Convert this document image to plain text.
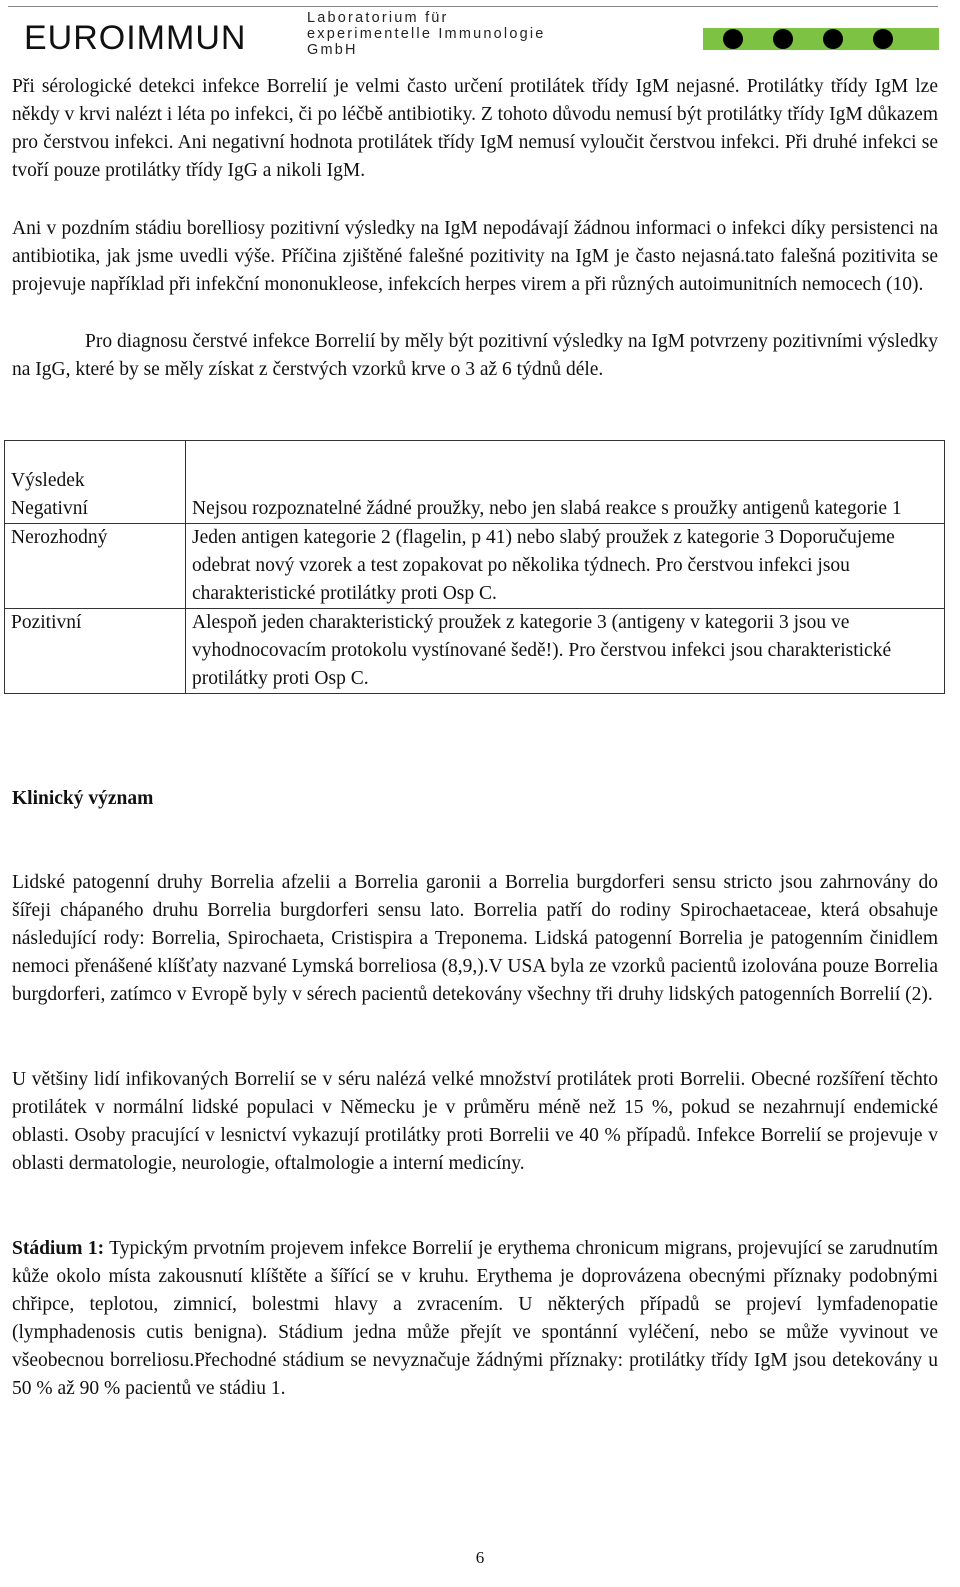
EUROIMMUN
Laboratorium für
experimentelle Immunologie
GmbH

Při sérologické detekci infekce Borrelií je velmi často určení protilátek třídy IgM nejasné. Protilátky třídy IgM lze někdy v krvi nalézt i léta po infekci, či po léčbě antibiotiky. Z tohoto důvodu nemusí být protilátky třídy IgM důkazem pro čerstvou infekci. Ani negativní hodnota protilátek třídy IgM nemusí vyloučit čerstvou infekci. Při druhé infekci se tvoří pouze protilátky třídy IgG a nikoli IgM.

Ani v pozdním stádiu borelliosy pozitivní výsledky na IgM nepodávají žádnou informaci o infekci díky persistenci na antibiotika, jak jsme uvedli výše. Příčina zjištěné falešné pozitivity na IgM je často nejasná.tato falešná pozitivita se projevuje například při infekční mononukleose, infekcích herpes virem a při různých autoimunitních nemocech (10).

Pro diagnosu čerstvé infekce Borrelií by měly být pozitivní výsledky na IgM potvrzeny pozitivními výsledky na IgG, které by se měly získat z čerstvých vzorků krve o 3 až 6 týdnů déle.

Výsledek	
Negativní	Nejsou rozpoznatelné žádné proužky, nebo jen slabá reakce s proužky antigenů kategorie 1
Nerozhodný	Jeden antigen kategorie 2 (flagelin, p 41) nebo slabý proužek z kategorie 3 Doporučujeme odebrat nový vzorek a test zopakovat po několika týdnech. Pro čerstvou infekci jsou charakteristické protilátky proti Osp C.
Pozitivní	Alespoň jeden charakteristický proužek z kategorie 3 (antigeny v kategorii 3 jsou ve vyhodnocovacím protokolu vystínované šedě!). Pro čerstvou infekci jsou charakteristické protilátky proti Osp C.

Klinický význam

Lidské patogenní druhy Borrelia afzelii a Borrelia garonii a Borrelia burgdorferi sensu stricto jsou zahrnovány do šířeji chápaného druhu Borrelia burgdorferi sensu lato. Borrelia patří do rodiny Spirochaetaceae, která obsahuje následující rody: Borrelia, Spirochaeta, Cristispira a Treponema. Lidská patogenní Borrelia je patogenním činidlem nemoci přenášené klíšťaty nazvané Lymská borreliosa (8,9,).V USA byla ze vzorků pacientů izolována pouze Borrelia burgdorferi, zatímco v Evropě byly v sérech pacientů detekovány všechny tři druhy lidských patogenních Borrelií (2).

U většiny lidí infikovaných Borrelií se v séru nalézá velké množství protilátek proti Borrelii. Obecné rozšíření těchto protilátek v normální lidské populaci v Německu je v průměru méně než 15 %, pokud se nezahrnují endemické oblasti. Osoby pracující v lesnictví vykazují protilátky proti Borrelii ve 40 % případů. Infekce Borrelií se projevuje v oblasti dermatologie, neurologie, oftalmologie a interní medicíny.

Stádium 1: Typickým prvotním projevem infekce Borrelií je erythema chronicum migrans, projevující se zarudnutím kůže okolo místa zakousnutí klíštěte a šířící se v kruhu. Erythema je doprovázena obecnými příznaky podobnými chřipce, teplotou, zimnicí, bolestmi hlavy a zvracením. U některých případů se projeví lymfadenopatie (lymphadenosis cutis benigna). Stádium jedna může přejít ve spontánní vyléčení, nebo se může vyvinout ve všeobecnou borreliosu.Přechodné stádium se nevyznačuje žádnými příznaky: protilátky třídy IgM jsou detekovány u 50 % až 90 % pacientů ve stádiu 1.

6
